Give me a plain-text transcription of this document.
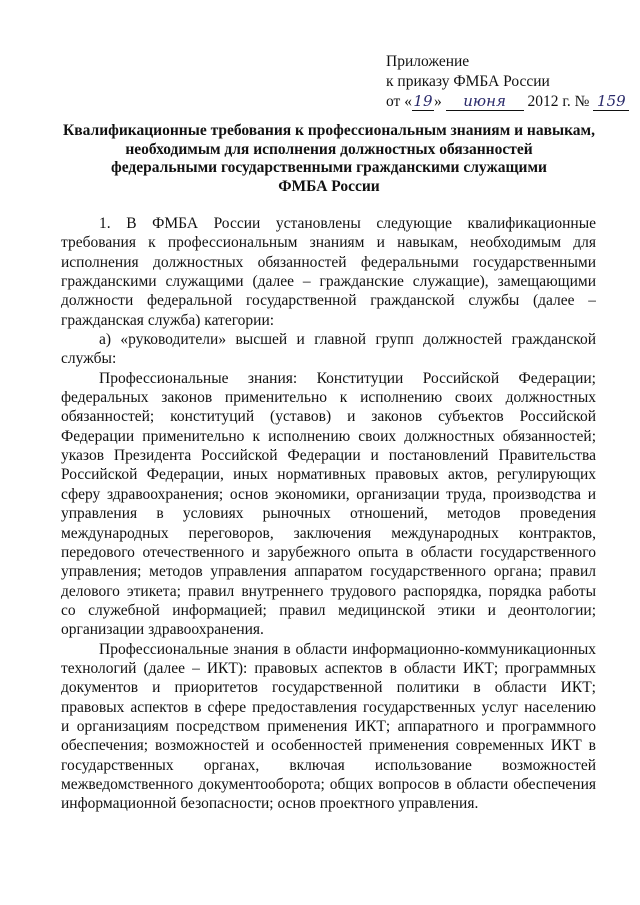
Приложение
к приказу ФМБА России
от «19» июня 2012 г. № 159
Квалификационные требования к профессиональным знаниям и навыкам,
необходимым для исполнения должностных обязанностей
федеральными государственными гражданскими служащими
ФМБА России
1. В ФМБА России установлены следующие квалификационные
требования к профессиональным знаниям и навыкам, необходимым для
исполнения должностных обязанностей федеральными государственными
гражданскими служащими (далее – гражданские служащие), замещающими
должности федеральной государственной гражданской службы (далее –
гражданская служба) категории:
а) «руководители» высшей и главной групп должностей гражданской
службы:
Профессиональные знания: Конституции Российской Федерации;
федеральных законов применительно к исполнению своих должностных
обязанностей; конституций (уставов) и законов субъектов Российской
Федерации применительно к исполнению своих должностных обязанностей;
указов Президента Российской Федерации и постановлений Правительства
Российской Федерации, иных нормативных правовых актов, регулирующих
сферу здравоохранения; основ экономики, организации труда, производства и
управления в условиях рыночных отношений, методов проведения
международных переговоров, заключения международных контрактов,
передового отечественного и зарубежного опыта в области государственного
управления; методов управления аппаратом государственного органа; правил
делового этикета; правил внутреннего трудового распорядка, порядка работы
со служебной информацией; правил медицинской этики и деонтологии;
организации здравоохранения.
Профессиональные знания в области информационно-коммуникационных
технологий (далее – ИКТ): правовых аспектов в области ИКТ; программных
документов и приоритетов государственной политики в области ИКТ;
правовых аспектов в сфере предоставления государственных услуг населению
и организациям посредством применения ИКТ; аппаратного и программного
обеспечения; возможностей и особенностей применения современных ИКТ в
государственных органах, включая использование возможностей
межведомственного документооборота; общих вопросов в области обеспечения
информационной безопасности; основ проектного управления.
